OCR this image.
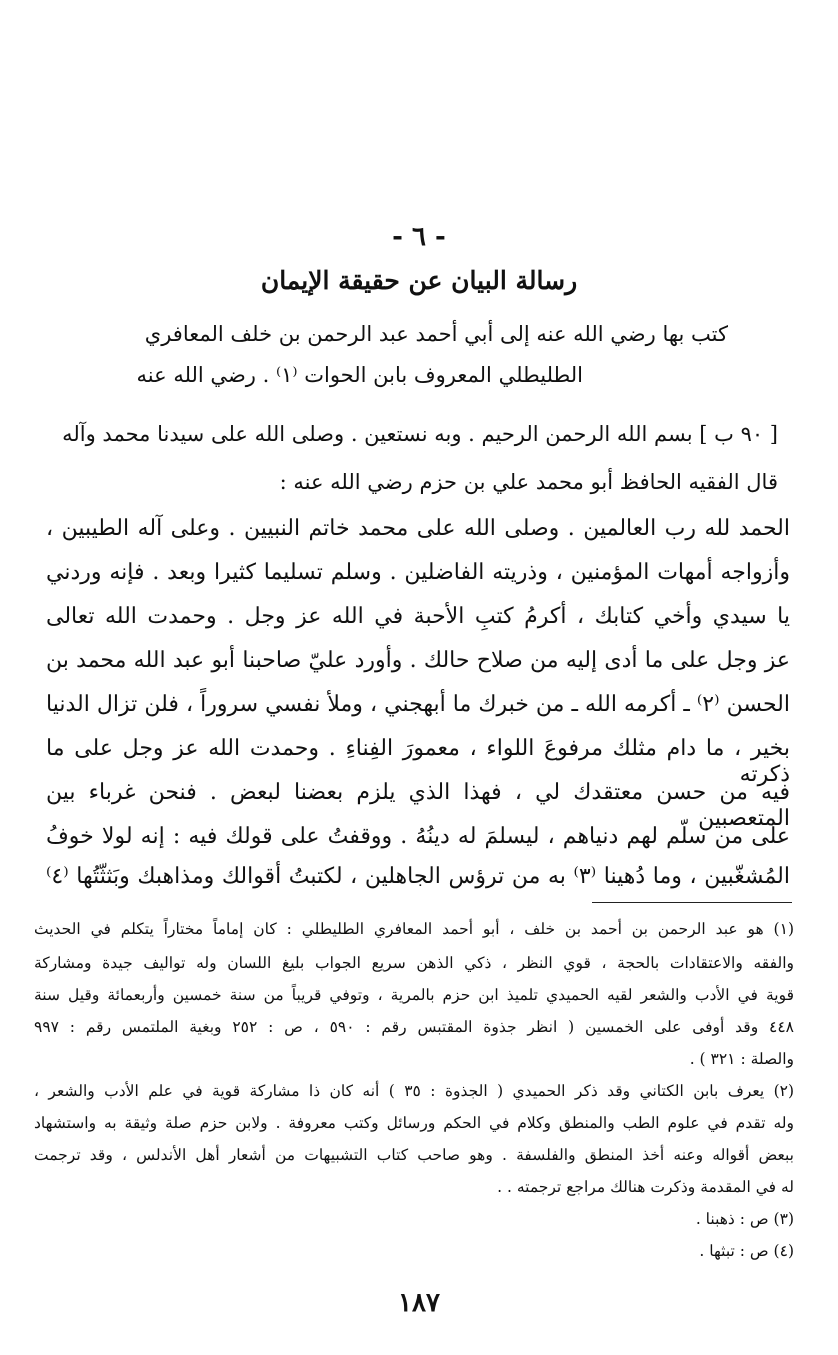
- ٦ -
رسالة البيان عن حقيقة الإيمان
كتب بها رضي الله عنه إلى أبي أحمد عبد الرحمن بن خلف المعافري
الطليطلي المعروف بابن الحوات ⁽١⁾ . رضي الله عنه
[ ٩٠ ب ] بسم الله الرحمن الرحيم . وبه نستعين . وصلى الله على سيدنا محمد وآله
قال الفقيه الحافظ أبو محمد علي بن حزم رضي الله عنه :
الحمد لله رب العالمين . وصلى الله على محمد خاتم النبيين . وعلى آله الطيبين ،
وأزواجه أمهات المؤمنين ، وذريته الفاضلين . وسلم تسليما كثيرا وبعد . فإنه وردني
يا سيدي وأخي كتابك ، أكرمُ كتبِ الأحبة في الله عز وجل . وحمدت الله تعالى
عز وجل على ما أدى إليه من صلاح حالك . وأورد عليّ صاحبنا أبو عبد الله محمد بن
الحسن ⁽٢⁾ ـ أكرمه الله ـ من خبرك ما أبهجني ، وملأ نفسي سروراً ، فلن تزال الدنيا
بخير ، ما دام مثلك مرفوعَ اللواء ، معمورَ الفِناءِ . وحمدت الله عز وجل على ما ذكرته
فيه من حسن معتقدك لي ، فهذا الذي يلزم بعضنا لبعض . فنحن غرباء بين المتعصبين
على من سلّم لهم دنياهم ، ليسلمَ له دينُهُ . ووقفتُ على قولك فيه : إنه لولا خوفُ
المُشغّبين ، وما دُهينا ⁽٣⁾ به من ترؤس الجاهلين ، لكتبتُ أقوالك ومذاهبك وبَثثّتُها ⁽٤⁾
(١) هو عبد الرحمن بن أحمد بن خلف ، أبو أحمد المعافري الطليطلي : كان إماماً مختاراً يتكلم في الحديث
والفقه والاعتقادات بالحجة ، قوي النظر ، ذكي الذهن سريع الجواب بليغ اللسان وله تواليف جيدة ومشاركة
قوية في الأدب والشعر لقيه الحميدي تلميذ ابن حزم بالمرية ، وتوفي قريباً من سنة خمسين وأربعمائة وقيل سنة
٤٤٨ وقد أوفى على الخمسين ( انظر جذوة المقتبس رقم : ٥٩٠ ، ص : ٢٥٢ وبغية الملتمس رقم : ٩٩٧
والصلة : ٣٢١ ) .
(٢) يعرف بابن الكتاني وقد ذكر الحميدي ( الجذوة : ٣٥ ) أنه كان ذا مشاركة قوية في علم الأدب والشعر ،
وله تقدم في علوم الطب والمنطق وكلام في الحكم ورسائل وكتب معروفة . ولابن حزم صلة وثيقة به واستشهاد
ببعض أقواله وعنه أخذ المنطق والفلسفة . وهو صاحب كتاب التشبيهات من أشعار أهل الأندلس ، وقد ترجمت
له في المقدمة وذكرت هنالك مراجع ترجمته . .
(٣) ص : ذهبنا .
(٤) ص : تبثها .
١٨٧
